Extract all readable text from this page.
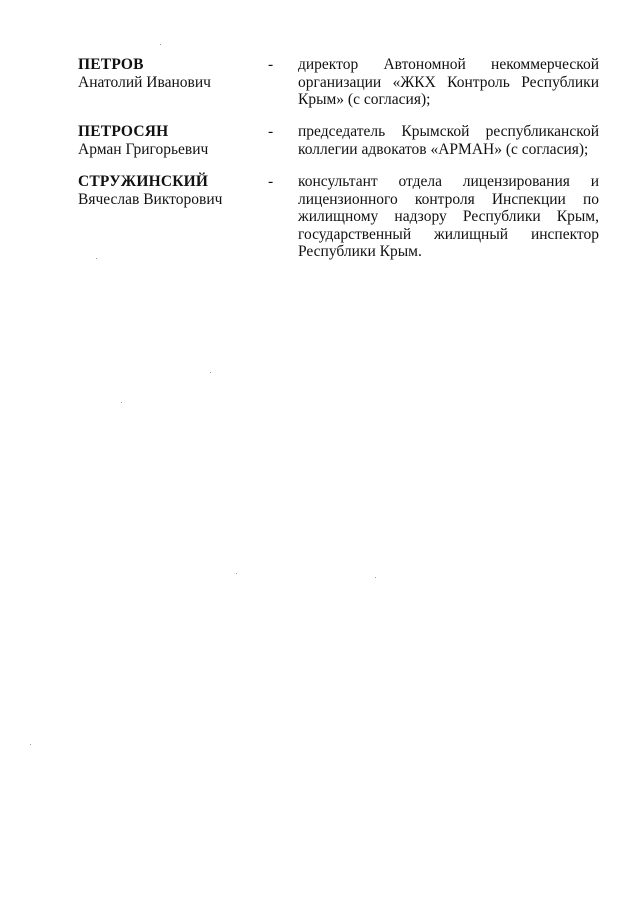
ПЕТРОВ
Анатолий Иванович
- директор Автономной некоммерческой организации «ЖКХ Контроль Республики Крым» (с согласия);
ПЕТРОСЯН
Арман Григорьевич
- председатель Крымской республиканской коллегии адвокатов «АРМАН» (с согласия);
СТРУЖИНСКИЙ
Вячеслав Викторович
- консультант отдела лицензирования и лицензионного контроля Инспекции по жилищному надзору Республики Крым, государственный жилищный инспектор Республики Крым.
